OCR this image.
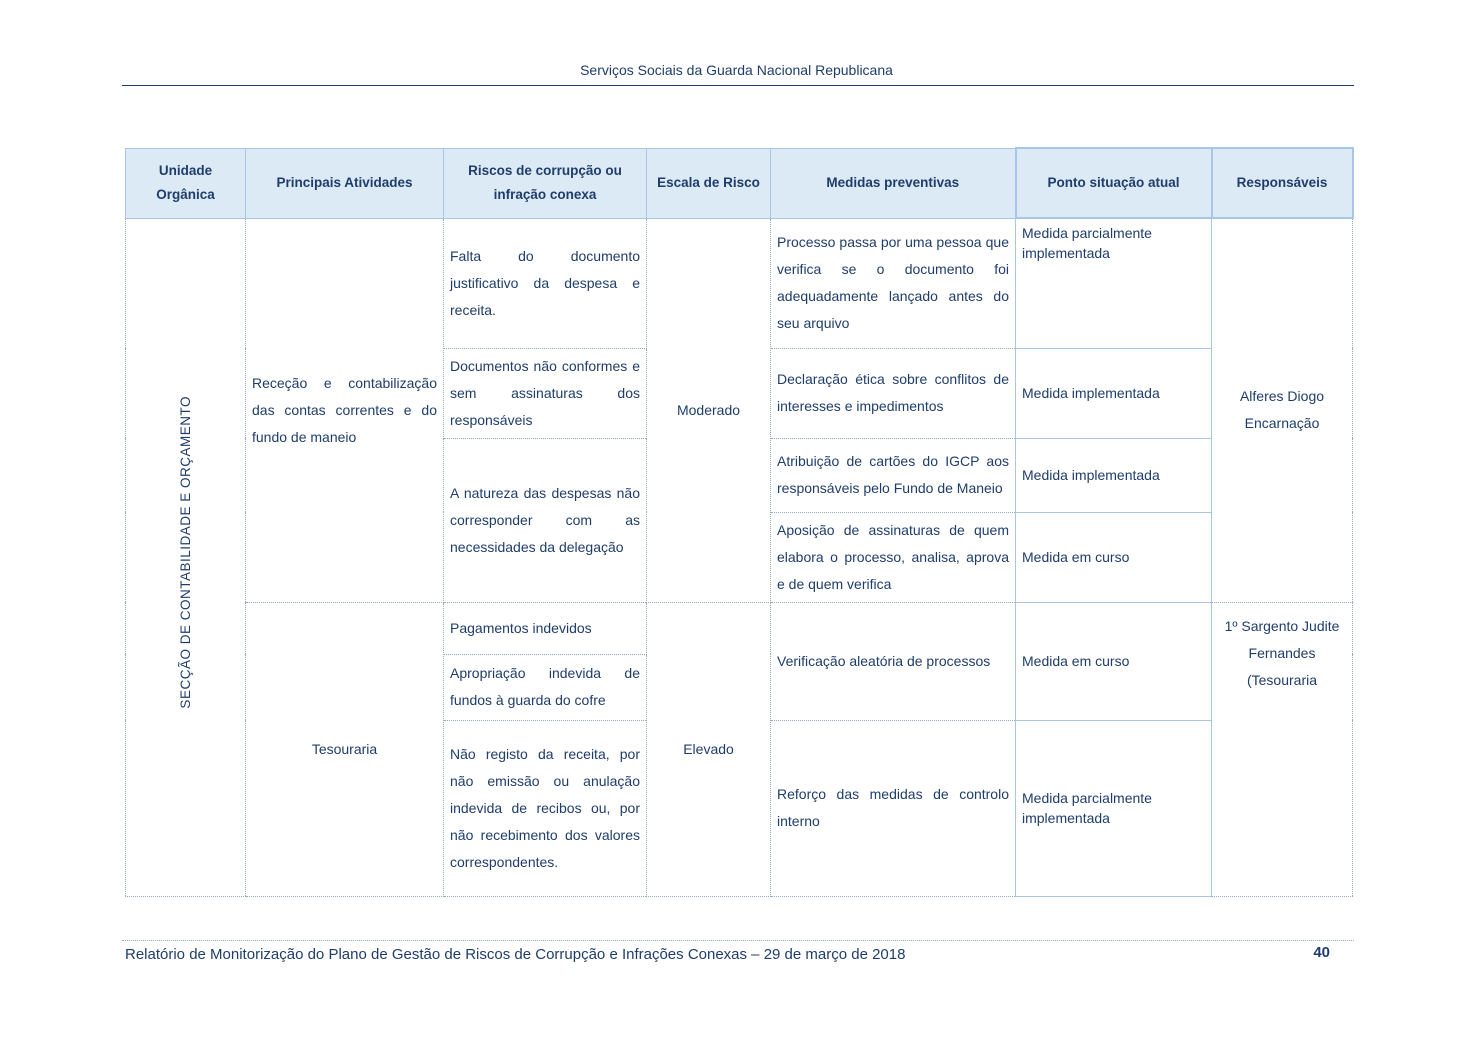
Serviços Sociais da Guarda Nacional Republicana
Unidade Orgânica	Principais Atividades	Riscos de corrupção ou infração conexa	Escala de Risco	Medidas preventivas	Ponto situação atual	Responsáveis
SECÇÃO DE CONTABILIDADE E ORÇAMENTO	Receção e contabilização das contas correntes e do fundo de maneio	Falta do documento justificativo da despesa e receita.	Moderado	Processo passa por uma pessoa que verifica se o documento foi adequadamente lançado antes do seu arquivo	Medida parcialmente implementada	Alferes Diogo Encarnação
		Documentos não conformes e sem assinaturas dos responsáveis		Declaração ética sobre conflitos de interesses e impedimentos	Medida implementada	
		A natureza das despesas não corresponder com as necessidades da delegação		Atribuição de cartões do IGCP aos responsáveis pelo Fundo de Maneio	Medida implementada	
				Aposição de assinaturas de quem elabora o processo, analisa, aprova e de quem verifica	Medida em curso	

	Tesouraria	Pagamentos indevidos	Elevado	Verificação aleatória de processos	Medida em curso	1º Sargento Judite Fernandes (Tesouraria
		Apropriação indevida de fundos à guarda do cofre				
		Não registo da receita, por não emissão ou anulação indevida de recibos ou, por não recebimento dos valores correspondentes.		Reforço das medidas de controlo interno	Medida parcialmente implementada	

Relatório de Monitorização do Plano de Gestão de Riscos de Corrupção e Infrações Conexas – 29 de março de 2018	40
